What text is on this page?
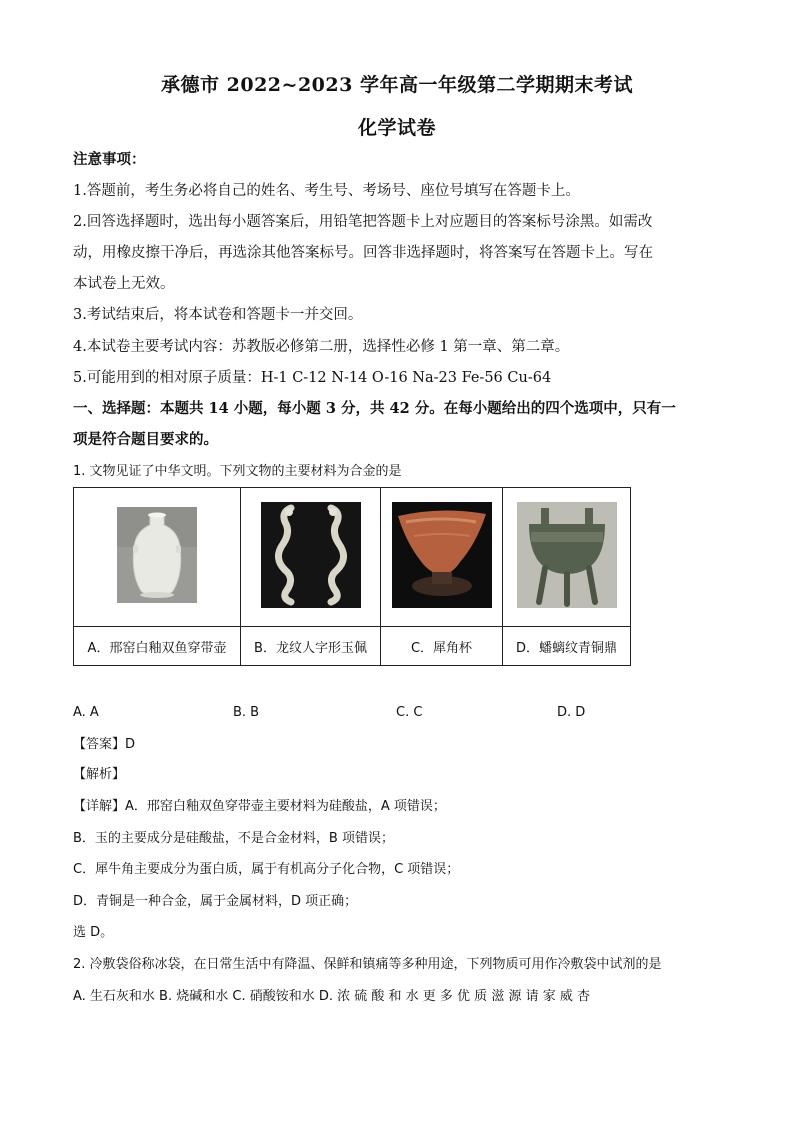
承德市 2022~2023 学年高一年级第二学期期末考试
化学试卷
注意事项：
1.答题前，考生务必将自己的姓名、考生号、考场号、座位号填写在答题卡上。
2.回答选择题时，选出每小题答案后，用铅笔把答题卡上对应题目的答案标号涂黑。如需改
动，用橡皮擦干净后，再选涂其他答案标号。回答非选择题时，将答案写在答题卡上。写在
本试卷上无效。
3.考试结束后，将本试卷和答题卡一并交回。
4.本试卷主要考试内容：苏教版必修第二册，选择性必修 1 第一章、第二章。
5.可能用到的相对原子质量：H-1 C-12 N-14 O-16 Na-23 Fe-56 Cu-64
一、选择题：本题共 14 小题，每小题 3 分，共 42 分。在每小题给出的四个选项中，只有一
项是符合题目要求的。
1. 文物见证了中华文明。下列文物的主要材料为合金的是

A．邢窑白釉双鱼穿带壶	B．龙纹人字形玉佩	C．犀角杯	D．蟠螭纹青铜鼎
A. A	B. B	C. C	D. D
【答案】D
【解析】
【详解】A．邢窑白釉双鱼穿带壶主要材料为硅酸盐，A 项错误；
B．玉的主要成分是硅酸盐，不是合金材料，B 项错误；
C．犀牛角主要成分为蛋白质，属于有机高分子化合物，C 项错误；
D．青铜是一种合金，属于金属材料，D 项正确；
选 D。
2. 冷敷袋俗称冰袋，在日常生活中有降温、保鲜和镇痛等多种用途，下列物质可用作冷敷袋中试剂的是
A. 生石灰和水 B. 烧碱和水 C. 硝酸铵和水 D. 浓 硫 酸 和 水 更 多 优 质 滋 源 请 家 威 杏
